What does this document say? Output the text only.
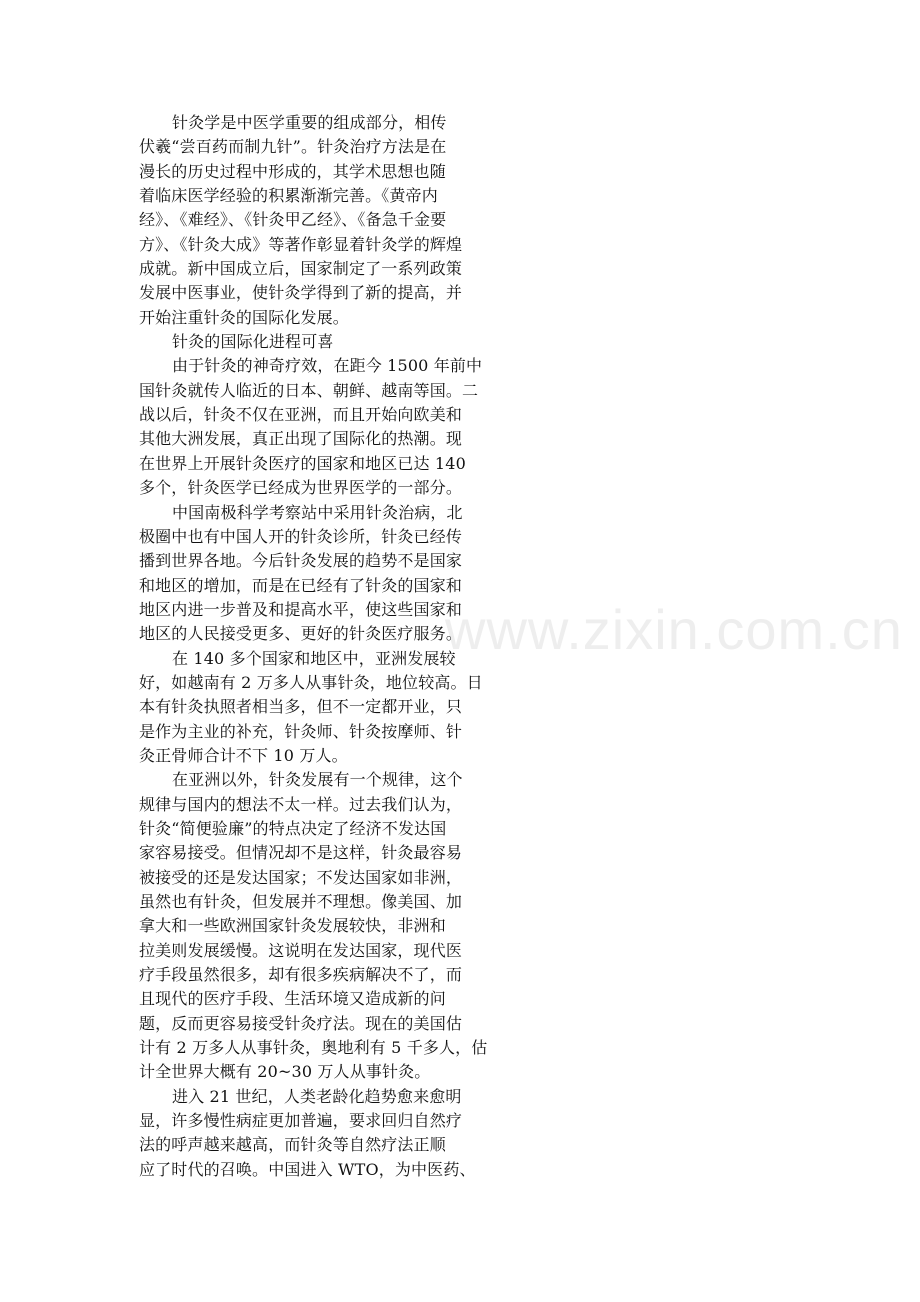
针灸学是中医学重要的组成部分，相传
伏羲“尝百药而制九针”。针灸治疗方法是在
漫长的历史过程中形成的，其学术思想也随
着临床医学经验的积累渐渐完善。《黄帝内
经》、《难经》、《针灸甲乙经》、《备急千金要
方》、《针灸大成》等著作彰显着针灸学的辉煌
成就。新中国成立后，国家制定了一系列政策
发展中医事业，使针灸学得到了新的提高，并
开始注重针灸的国际化发展。
针灸的国际化进程可喜
由于针灸的神奇疗效，在距今 1500 年前中
国针灸就传人临近的日本、朝鲜、越南等国。二
战以后，针灸不仅在亚洲，而且开始向欧美和
其他大洲发展，真正出现了国际化的热潮。现
在世界上开展针灸医疗的国家和地区已达 140
多个，针灸医学已经成为世界医学的一部分。
中国南极科学考察站中采用针灸治病，北
极圈中也有中国人开的针灸诊所，针灸已经传
播到世界各地。今后针灸发展的趋势不是国家
和地区的增加，而是在已经有了针灸的国家和
地区内进一步普及和提高水平，使这些国家和
地区的人民接受更多、更好的针灸医疗服务。
在 140 多个国家和地区中，亚洲发展较
好，如越南有 2 万多人从事针灸，地位较高。日
本有针灸执照者相当多，但不一定都开业，只
是作为主业的补充，针灸师、针灸按摩师、针
灸正骨师合计不下 10 万人。
在亚洲以外，针灸发展有一个规律，这个
规律与国内的想法不太一样。过去我们认为，
针灸“简便验廉”的特点决定了经济不发达国
家容易接受。但情况却不是这样，针灸最容易
被接受的还是发达国家；不发达国家如非洲，
虽然也有针灸，但发展并不理想。像美国、加
拿大和一些欧洲国家针灸发展较快，非洲和
拉美则发展缓慢。这说明在发达国家，现代医
疗手段虽然很多，却有很多疾病解决不了，而
且现代的医疗手段、生活环境又造成新的问
题，反而更容易接受针灸疗法。现在的美国估
计有 2 万多人从事针灸，奥地利有 5 千多人，估
计全世界大概有 20~30 万人从事针灸。
进入 21 世纪，人类老龄化趋势愈来愈明
显，许多慢性病症更加普遍，要求回归自然疗
法的呼声越来越高，而针灸等自然疗法正顺
应了时代的召唤。中国进入 WTO，为中医药、
www.zixin.com.cn
